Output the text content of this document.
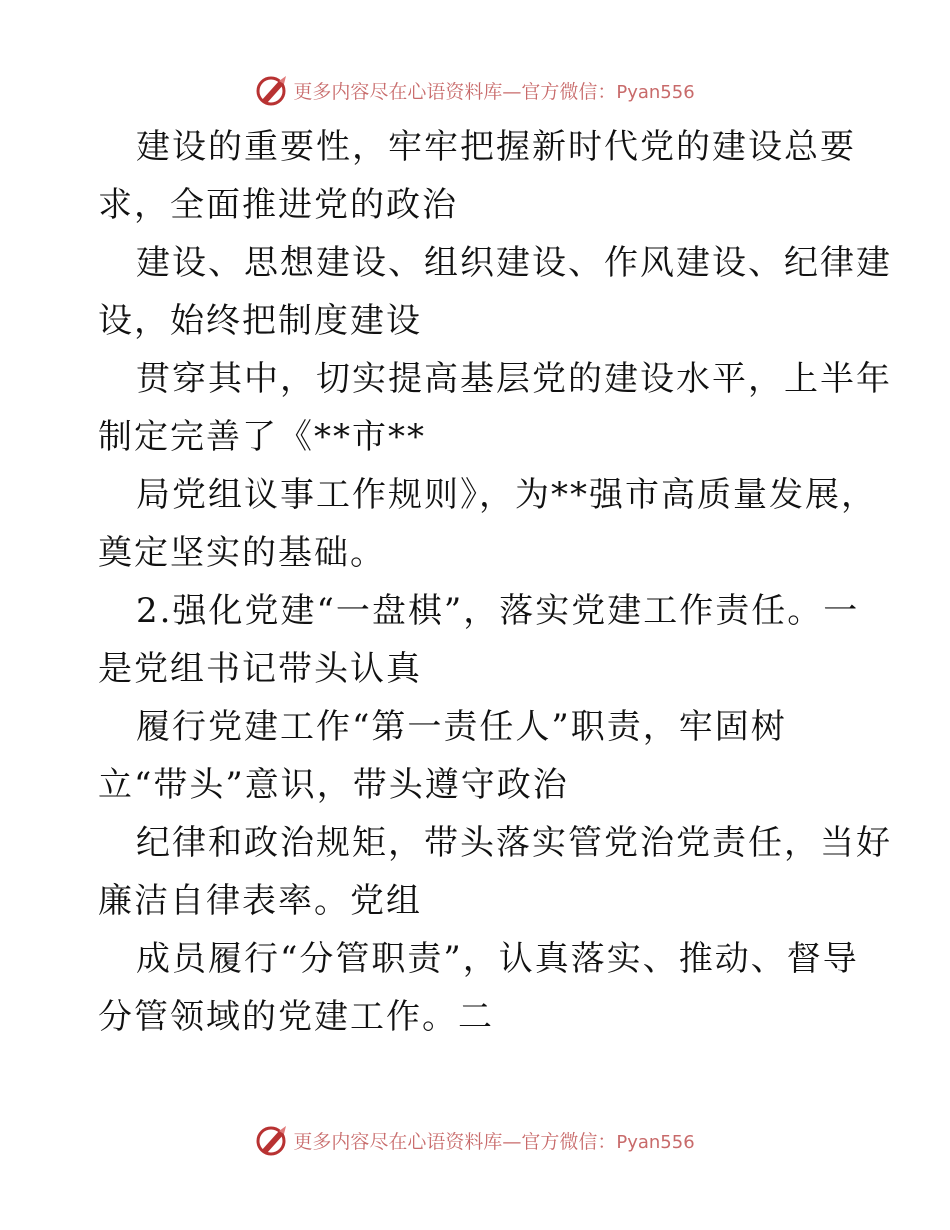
更多内容尽在心语资料库—官方微信：Pyan556
建设的重要性，牢牢把握新时代党的建设总要
求，全面推进党的政治
建设、思想建设、组织建设、作风建设、纪律建
设，始终把制度建设
贯穿其中，切实提高基层党的建设水平，上半年
制定完善了《**市**
局党组议事工作规则》，为**强市高质量发展，
奠定坚实的基础。
2.强化党建“一盘棋”，落实党建工作责任。一
是党组书记带头认真
履行党建工作“第一责任人”职责，牢固树
立“带头”意识，带头遵守政治
纪律和政治规矩，带头落实管党治党责任，当好
廉洁自律表率。党组
成员履行“分管职责”，认真落实、推动、督导
分管领域的党建工作。二
更多内容尽在心语资料库—官方微信：Pyan556
